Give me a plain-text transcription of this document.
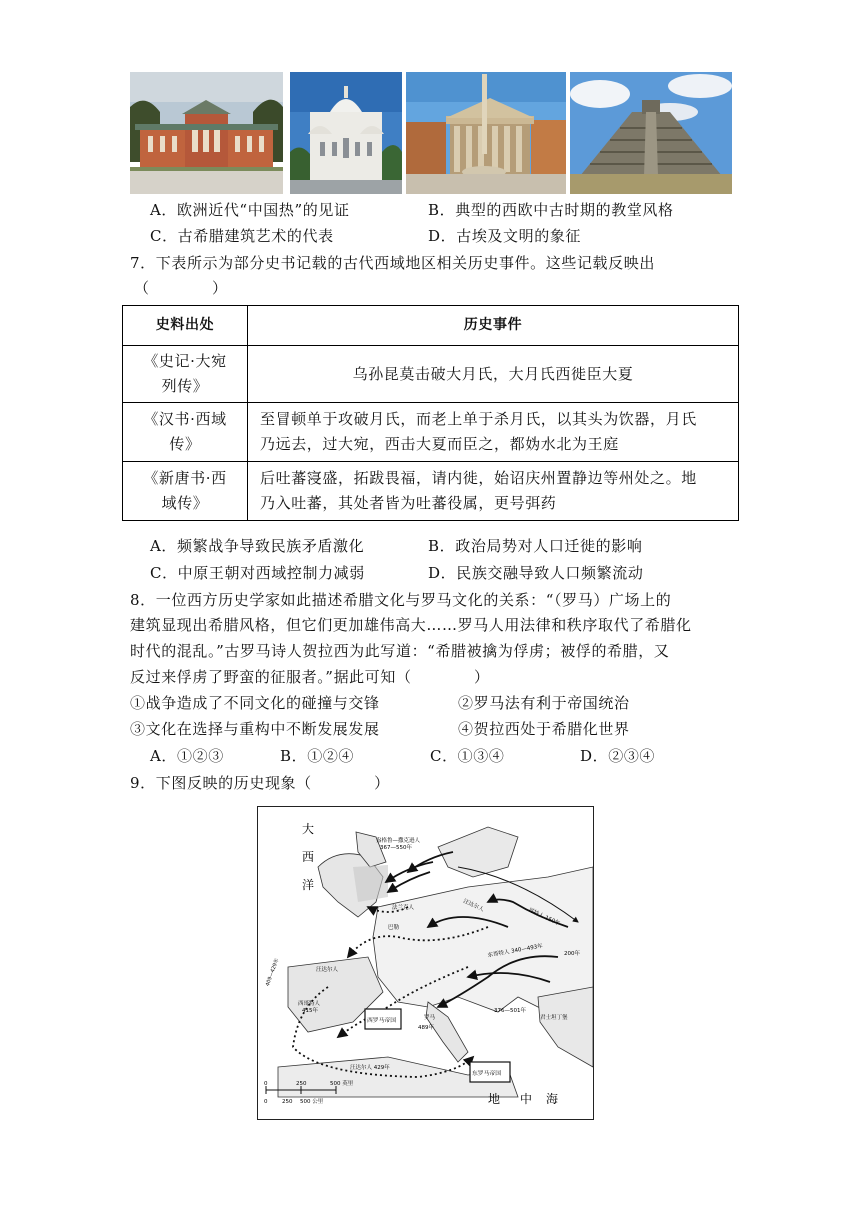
A．欧洲近代“中国热”的见证	B．典型的西欧中古时期的教堂风格
C．古希腊建筑艺术的代表	D．古埃及文明的象征
7．下表所示为部分史书记载的古代西域地区相关历史事件。这些记载反映出
（　　　　）
史料出处	历史事件
《史记·大宛
列传》	乌孙昆莫击破大月氏，大月氏西徙臣大夏
《汉书·西域
传》	至冒顿单于攻破月氏，而老上单于杀月氏，以其头为饮器，月氏
乃远去，过大宛，西击大夏而臣之，都妫水北为王庭
《新唐书·西
域传》	后吐蕃寖盛，拓跋畏福，请内徙，始诏庆州置静边等州处之。地
乃入吐蕃，其处者皆为吐蕃役属，更号弭药
A．频繁战争导致民族矛盾激化	B．政治局势对人口迁徙的影响
C．中原王朝对西域控制力减弱	D．民族交融导致人口频繁流动
8．一位西方历史学家如此描述希腊文化与罗马文化的关系：“（罗马）广场上的
建筑显现出希腊风格，但它们更加雄伟高大……罗马人用法律和秩序取代了希腊化
时代的混乱。”古罗马诗人贺拉西为此写道：“希腊被擒为俘虏；被俘的希腊，又
反过来俘虏了野蛮的征服者。”据此可知（　　　　）
①战争造成了不同文化的碰撞与交锋	②罗马法有利于帝国统治
③文化在选择与重构中不断发展发展	④贺拉西处于希腊化世界
A．①②③	B．①②④	C．①③④	D．②③④
9．下图反映的历史现象（　　　　）
大
西
洋
地 中 海
盎格鲁—撒克逊人
367—550年
哥特人 150年
汪达尔人
200年
东哥特人 340—493年
法兰克人
巴勒
西哥特人
415年
汪达尔人
罗马
489年
376—501年
君士坦丁堡
汪达尔人 429年
409—429年
西罗马帝国
东罗马帝国
0	250	500 英里
0	250 500 公里
